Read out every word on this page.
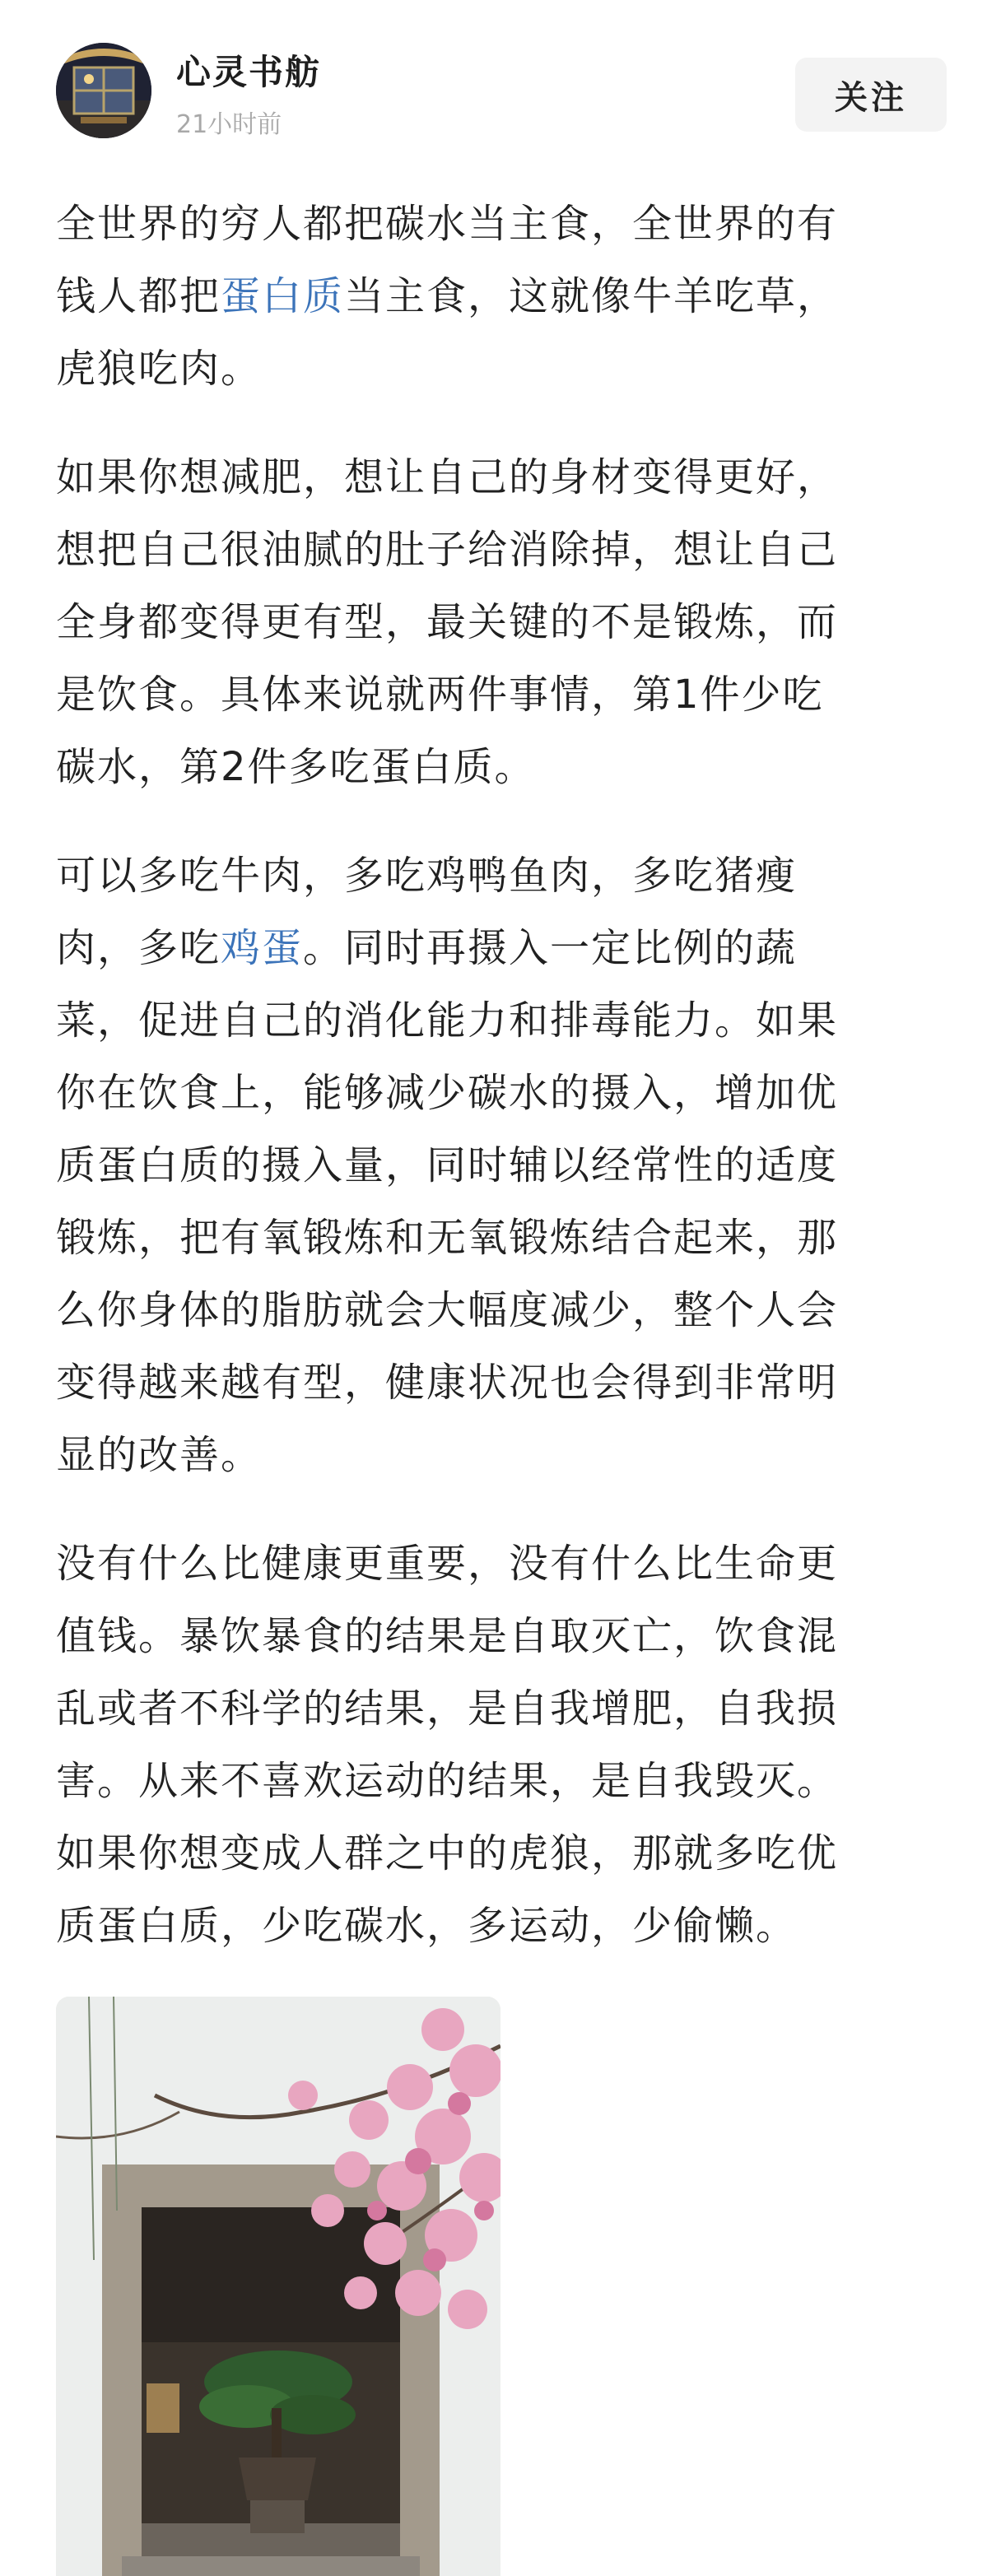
心灵书舫
21小时前
关注

全世界的穷人都把碳水当主食，全世界的有
钱人都把蛋白质当主食，这就像牛羊吃草，
虎狼吃肉。

如果你想减肥，想让自己的身材变得更好，
想把自己很油腻的肚子给消除掉，想让自己
全身都变得更有型，最关键的不是锻炼，而
是饮食。具体来说就两件事情，第1件少吃
碳水，第2件多吃蛋白质。

可以多吃牛肉，多吃鸡鸭鱼肉，多吃猪瘦
肉，多吃鸡蛋。同时再摄入一定比例的蔬
菜，促进自己的消化能力和排毒能力。如果
你在饮食上，能够减少碳水的摄入，增加优
质蛋白质的摄入量，同时辅以经常性的适度
锻炼，把有氧锻炼和无氧锻炼结合起来，那
么你身体的脂肪就会大幅度减少，整个人会
变得越来越有型，健康状况也会得到非常明
显的改善。

没有什么比健康更重要，没有什么比生命更
值钱。暴饮暴食的结果是自取灭亡，饮食混
乱或者不科学的结果，是自我增肥，自我损
害。从来不喜欢运动的结果，是自我毁灭。
如果你想变成人群之中的虎狼，那就多吃优
质蛋白质，少吃碳水，多运动，少偷懒。
